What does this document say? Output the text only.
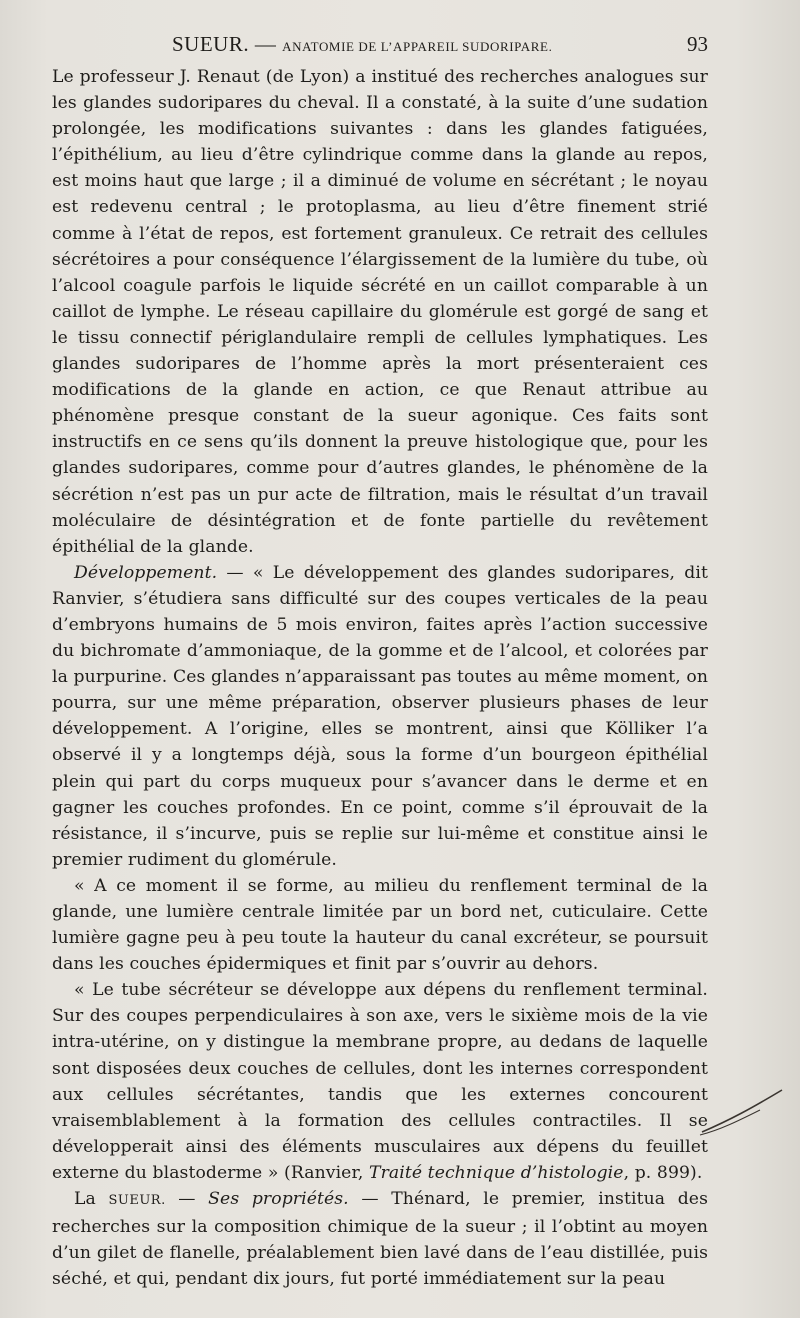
SUEUR. — ANATOMIE DE L’APPAREIL SUDORIPARE.	93

Le professeur J. Renaut (de Lyon) a institué des recherches analogues sur les glandes sudoripares du cheval. Il a constaté, à la suite d’une sudation prolongée, les modifications suivantes : dans les glandes fatiguées, l’épithélium, au lieu d’être cylindrique comme dans la glande au repos, est moins haut que large ; il a diminué de volume en sécrétant ; le noyau est redevenu central ; le protoplasma, au lieu d’être finement strié comme à l’état de repos, est fortement granuleux. Ce retrait des cellules sécrétoires a pour conséquence l’élargissement de la lumière du tube, où l’alcool coagule parfois le liquide sécrété en un caillot comparable à un caillot de lymphe. Le réseau capillaire du glomérule est gorgé de sang et le tissu connectif périglandulaire rempli de cellules lymphatiques. Les glandes sudoripares de l’homme après la mort présenteraient ces modifications de la glande en action, ce que Renaut attribue au phénomène presque constant de la sueur agonique. Ces faits sont instructifs en ce sens qu’ils donnent la preuve histologique que, pour les glandes sudoripares, comme pour d’autres glandes, le phénomène de la sécrétion n’est pas un pur acte de filtration, mais le résultat d’un travail moléculaire de désintégration et de fonte partielle du revêtement épithélial de la glande.

Développement. — « Le développement des glandes sudoripares, dit Ranvier, s’étudiera sans difficulté sur des coupes verticales de la peau d’embryons humains de 5 mois environ, faites après l’action successive du bichromate d’ammoniaque, de la gomme et de l’alcool, et colorées par la purpurine. Ces glandes n’apparaissant pas toutes au même moment, on pourra, sur une même préparation, observer plusieurs phases de leur développement. A l’origine, elles se montrent, ainsi que Kölliker l’a observé il y a longtemps déjà, sous la forme d’un bourgeon épithélial plein qui part du corps muqueux pour s’avancer dans le derme et en gagner les couches profondes. En ce point, comme s’il éprouvait de la résistance, il s’incurve, puis se replie sur lui-même et constitue ainsi le premier rudiment du glomérule.

« A ce moment il se forme, au milieu du renflement terminal de la glande, une lumière centrale limitée par un bord net, cuticulaire. Cette lumière gagne peu à peu toute la hauteur du canal excréteur, se poursuit dans les couches épidermiques et finit par s’ouvrir au dehors.

« Le tube sécréteur se développe aux dépens du renflement terminal. Sur des coupes perpendiculaires à son axe, vers le sixième mois de la vie intra-utérine, on y distingue la membrane propre, au dedans de laquelle sont disposées deux couches de cellules, dont les internes correspondent aux cellules sécrétantes, tandis que les externes concourent vraisemblablement à la formation des cellules contractiles. Il se développerait ainsi des éléments musculaires aux dépens du feuillet externe du blastoderme » (Ranvier, Traité technique d’histologie, p. 899).

La SUEUR. — Ses propriétés. — Thénard, le premier, institua des recherches sur la composition chimique de la sueur ; il l’obtint au moyen d’un gilet de flanelle, préalablement bien lavé dans de l’eau distillée, puis séché, et qui, pendant dix jours, fut porté immédiatement sur la peau
